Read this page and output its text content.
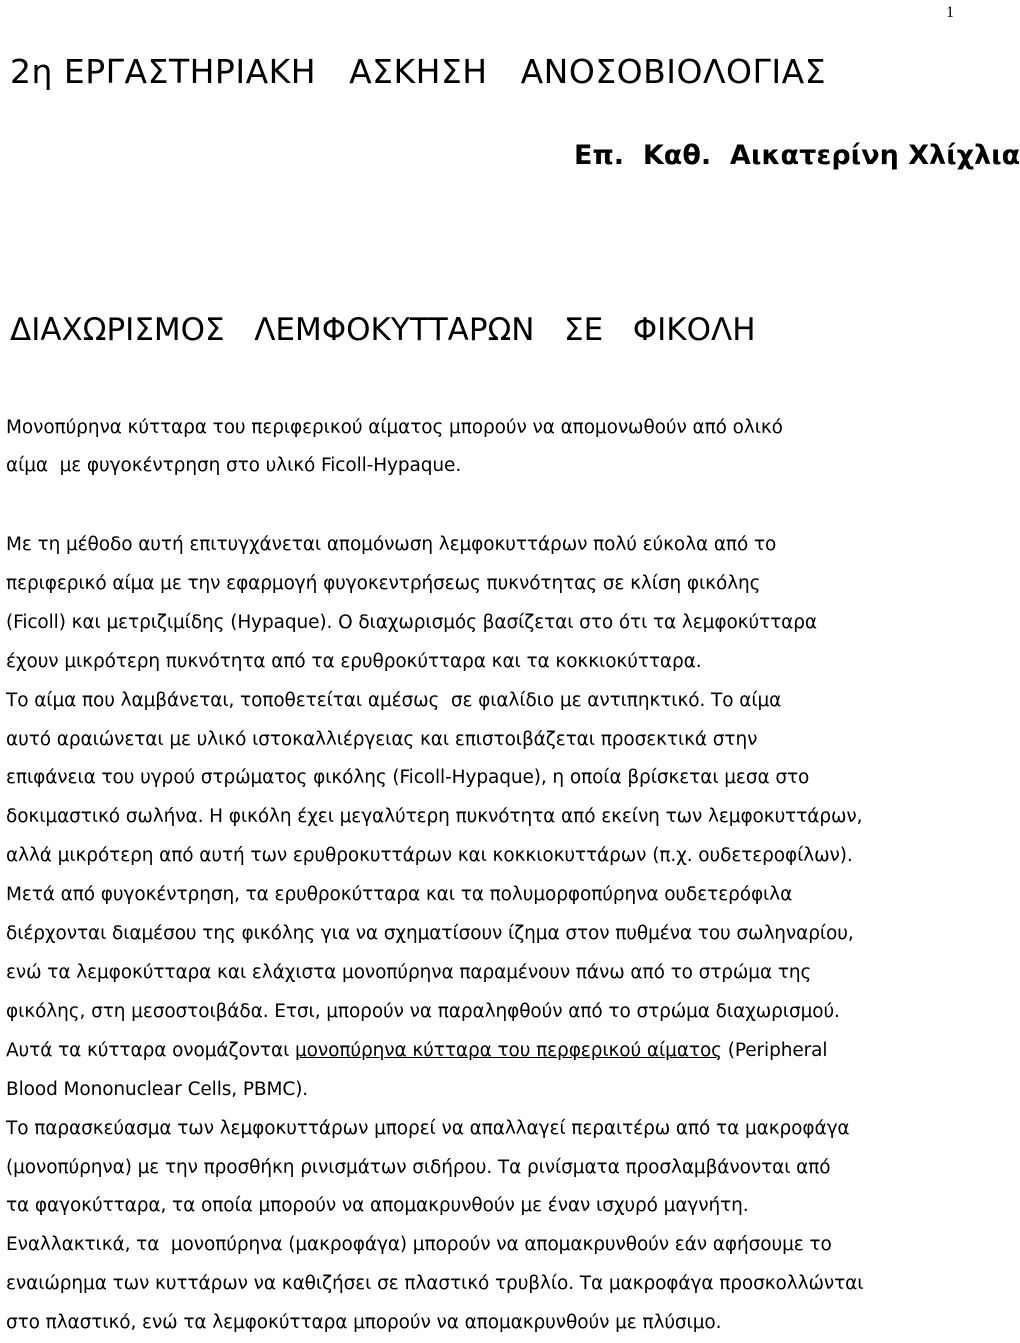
1
2η ΕΡΓΑΣΤΗΡΙΑΚΗ   ΑΣΚΗΣΗ   ΑΝΟΣΟΒΙΟΛΟΓΙΑΣ
Επ.  Καθ.  Αικατερίνη Χλίχλια
ΔΙΑΧΩΡΙΣΜΟΣ   ΛΕΜΦΟΚΥΤΤΑΡΩΝ   ΣΕ   ΦΙΚΟΛΗ

Μονοπύρηνα κύτταρα του περιφερικού αίματος μπορούν να απομονωθούν από ολικό
αίμα  με φυγοκέντρηση στο υλικό Ficoll-Hypaque.

Με τη μέθοδο αυτή επιτυγχάνεται απομόνωση λεμφοκυττάρων πολύ εύκολα από το
περιφερικό αίμα με την εφαρμογή φυγοκεντρήσεως πυκνότητας σε κλίση φικόλης
(Ficoll) και μετριζιμίδης (Hypaque). Ο διαχωρισμός βασίζεται στο ότι τα λεμφοκύτταρα
έχουν μικρότερη πυκνότητα από τα ερυθροκύτταρα και τα κοκκιοκύτταρα.
Το αίμα που λαμβάνεται, τοποθετείται αμέσως  σε φιαλίδιο με αντιπηκτικό. Το αίμα
αυτό αραιώνεται με υλικό ιστοκαλλιέργειας και επιστοιβάζεται προσεκτικά στην
επιφάνεια του υγρού στρώματος φικόλης (Ficoll-Hypaque), η οποία βρίσκεται μεσα στο
δοκιμαστικό σωλήνα. Η φικόλη έχει μεγαλύτερη πυκνότητα από εκείνη των λεμφοκυττάρων,
αλλά μικρότερη από αυτή των ερυθροκυττάρων και κοκκιοκυττάρων (π.χ. ουδετεροφίλων).
Μετά από φυγοκέντρηση, τα ερυθροκύτταρα και τα πολυμορφοπύρηνα ουδετερόφιλα
διέρχονται διαμέσου της φικόλης για να σχηματίσουν ίζημα στον πυθμένα του σωληναρίου,
ενώ τα λεμφοκύτταρα και ελάχιστα μονοπύρηνα παραμένουν πάνω από το στρώμα της
φικόλης, στη μεσοστοιβάδα. Ετσι, μπορούν να παραληφθούν από το στρώμα διαχωρισμού.
Αυτά τα κύτταρα ονομάζονται μονοπύρηνα κύτταρα του περφερικού αίματος (Peripheral
Blood Mononuclear Cells, PBMC).
Το παρασκεύασμα των λεμφοκυττάρων μπορεί να απαλλαγεί περαιτέρω από τα μακροφάγα
(μονοπύρηνα) με την προσθήκη ρινισμάτων σιδήρου. Τα ρινίσματα προσλαμβάνονται από
τα φαγοκύτταρα, τα οποία μπορούν να απομακρυνθούν με έναν ισχυρό μαγνήτη.
Εναλλακτικά, τα  μονοπύρηνα (μακροφάγα) μπορούν να απομακρυνθούν εάν αφήσουμε το
εναιώρημα των κυττάρων να καθιζήσει σε πλαστικό τρυβλίο. Τα μακροφάγα προσκολλώνται
στο πλαστικό, ενώ τα λεμφοκύτταρα μπορούν να απομακρυνθούν με πλύσιμο.
